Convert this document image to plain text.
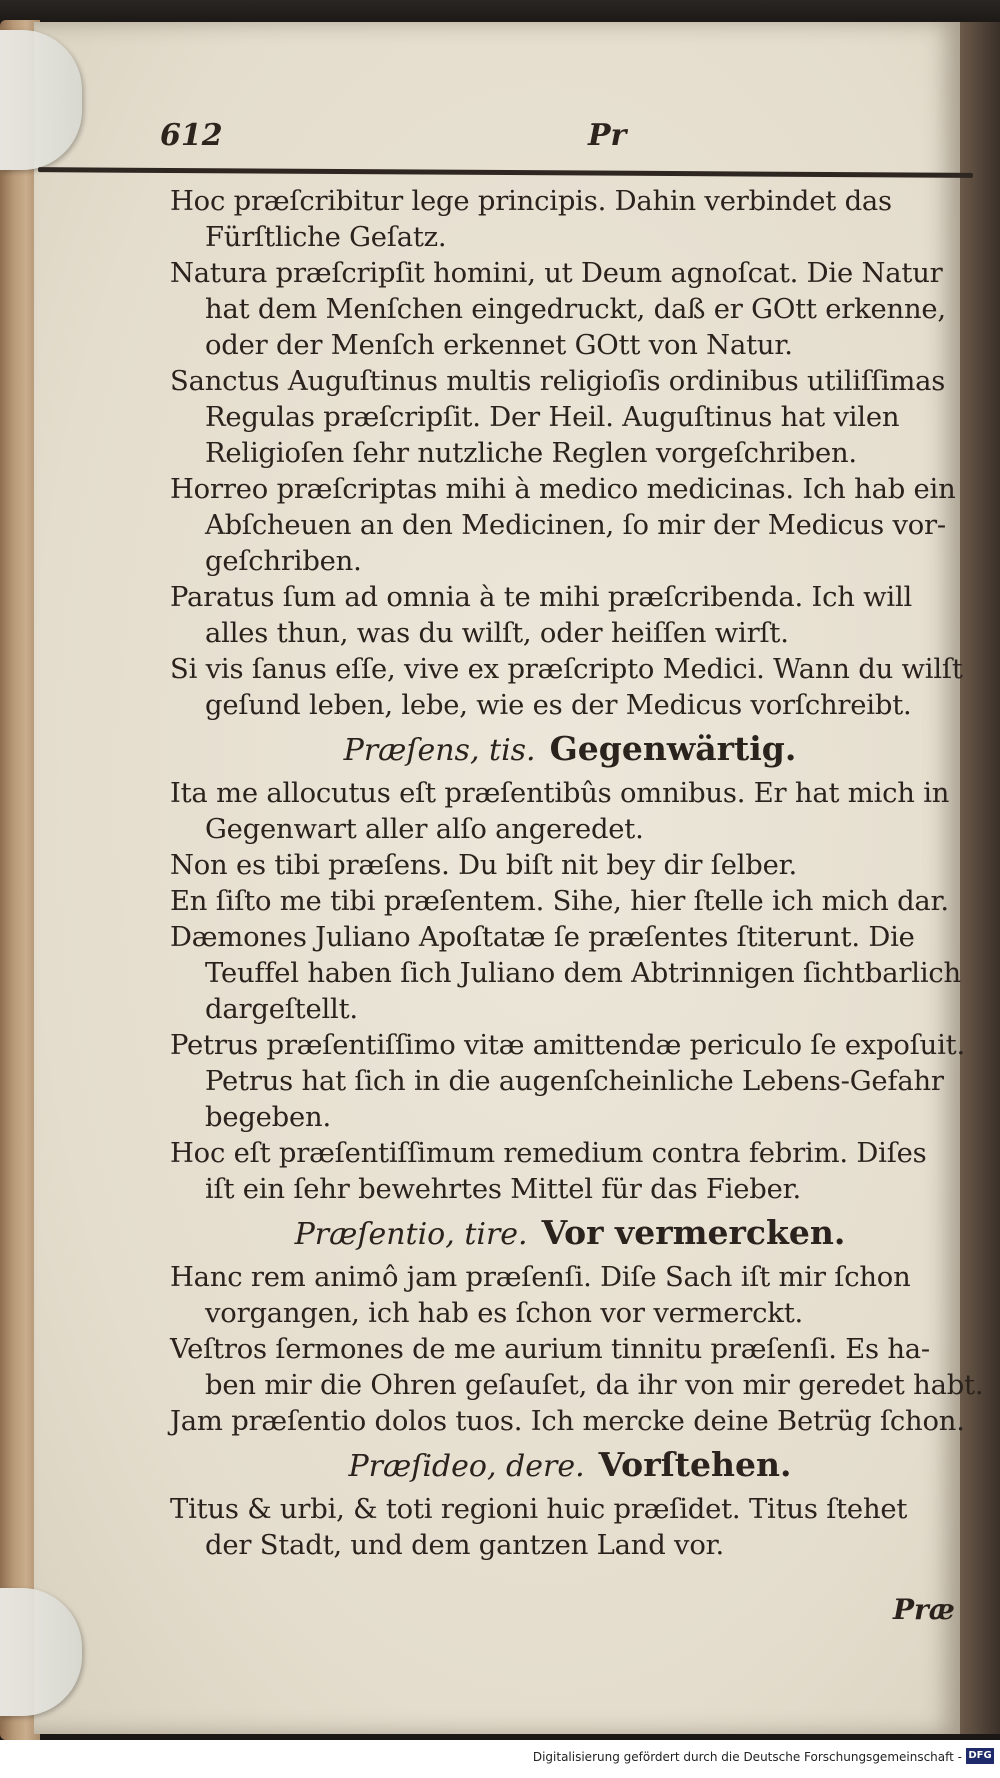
612	Pr
Hoc præſcribitur lege principis. Dahin verbindet das
Fürſtliche Geſatz.
Natura præſcripſit homini, ut Deum agnoſcat. Die Natur
hat dem Menſchen eingedruckt, daß er GOtt erkenne,
oder der Menſch erkennet GOtt von Natur.
Sanctus Auguſtinus multis religioſis ordinibus utiliſſimas
Regulas præſcripſit. Der Heil. Auguſtinus hat vilen
Religioſen ſehr nutzliche Reglen vorgeſchriben.
Horreo præſcriptas mihi à medico medicinas. Ich hab ein
Abſcheuen an den Medicinen, ſo mir der Medicus vor-
geſchriben.
Paratus ſum ad omnia à te mihi præſcribenda. Ich will
alles thun, was du wilſt, oder heiſſen wirſt.
Si vis ſanus eſſe, vive ex præſcripto Medici. Wann du wilſt
geſund leben, lebe, wie es der Medicus vorſchreibt.
Præſens, tis. Gegenwärtig.
Ita me allocutus eſt præſentibûs omnibus. Er hat mich in
Gegenwart aller alſo angeredet.
Non es tibi præſens. Du biſt nit bey dir ſelber.
En ſiſto me tibi præſentem. Sihe, hier ſtelle ich mich dar.
Dæmones Juliano Apoſtatæ ſe præſentes ſtiterunt. Die
Teuffel haben ſich Juliano dem Abtrinnigen ſichtbarlich
dargeſtellt.
Petrus præſentiſſimo vitæ amittendæ periculo ſe expoſuit.
Petrus hat ſich in die augenſcheinliche Lebens-Gefahr
begeben.
Hoc eſt præſentiſſimum remedium contra febrim. Diſes
iſt ein ſehr bewehrtes Mittel für das Fieber.
Præſentio, tire. Vor vermercken.
Hanc rem animô jam præſenſi. Diſe Sach iſt mir ſchon
vorgangen, ich hab es ſchon vor vermerckt.
Veſtros ſermones de me aurium tinnitu præſenſi. Es ha-
ben mir die Ohren geſauſet, da ihr von mir geredet habt.
Jam præſentio dolos tuos. Ich mercke deine Betrüg ſchon.
Præſideo, dere. Vorſtehen.
Titus & urbi, & toti regioni huic præſidet. Titus ſtehet
der Stadt, und dem gantzen Land vor.
Præ
Digitalisierung gefördert durch die Deutsche Forschungsgemeinschaft - DFG
